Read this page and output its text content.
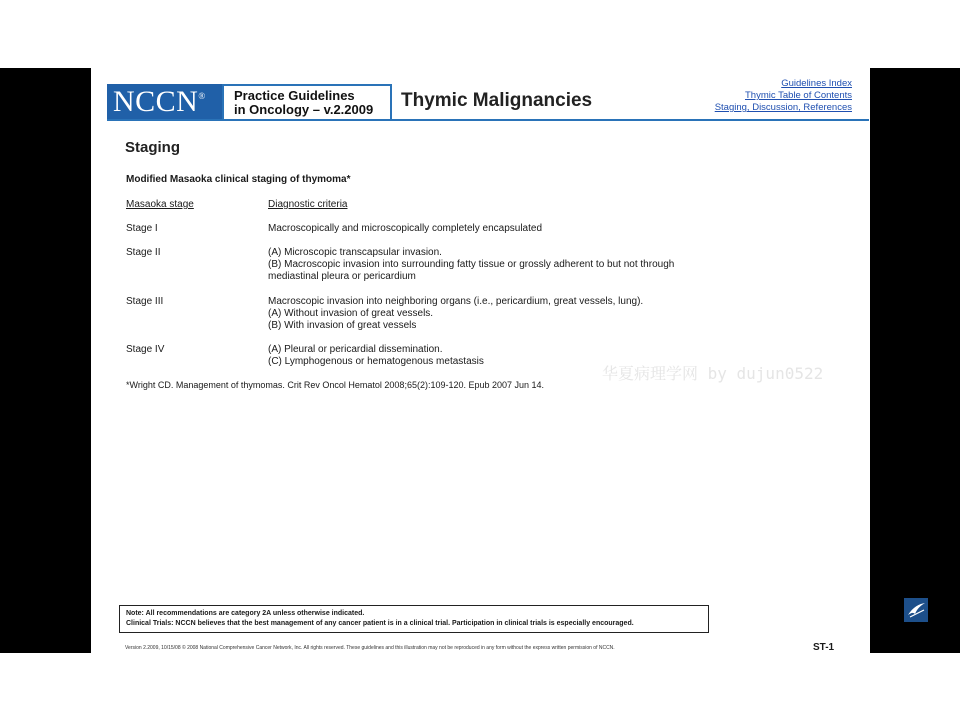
NCCN®	Practice Guidelines
in Oncology – v.2.2009	Thymic Malignancies
Guidelines Index
Thymic Table of Contents
Staging, Discussion, References
Staging
Modified Masaoka clinical staging of thymoma*
Masaoka stage	Diagnostic criteria
Stage I	Macroscopically and microscopically completely encapsulated
Stage II	(A) Microscopic transcapsular invasion.
(B) Macroscopic invasion into surrounding fatty tissue or grossly adherent to but not through
mediastinal pleura or pericardium
Stage III	Macroscopic invasion into neighboring organs (i.e., pericardium, great vessels, lung).
(A) Without invasion of great vessels.
(B) With invasion of great vessels
Stage IV	(A) Pleural or pericardial dissemination.
(C) Lymphogenous or hematogenous metastasis
华夏病理学网 by dujun0522
*Wright CD. Management of thymomas. Crit Rev Oncol Hematol 2008;65(2):109-120. Epub 2007 Jun 14.
Note: All recommendations are category 2A unless otherwise indicated.
Clinical Trials: NCCN believes that the best management of any cancer patient is in a clinical trial. Participation in clinical trials is especially encouraged.
Version 2.2009, 10/15/08 © 2008 National Comprehensive Cancer Network, Inc. All rights reserved. These guidelines and this illustration may not be reproduced in any form without the express written permission of NCCN.	ST-1
